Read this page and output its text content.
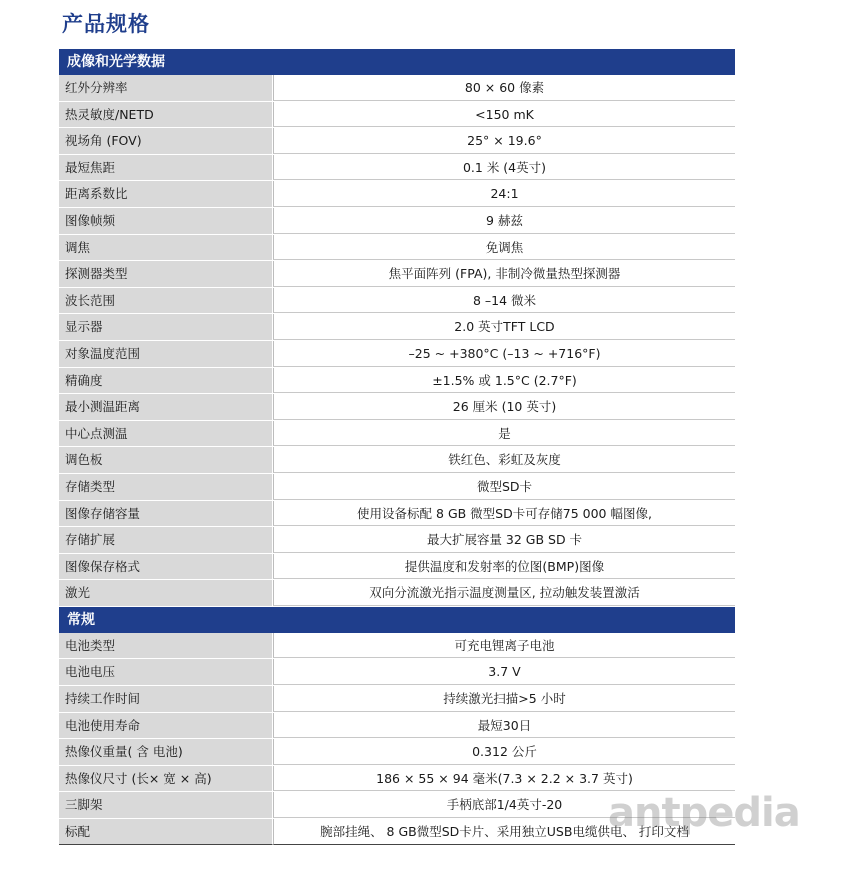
产品规格
成像和光学数据
红外分辨率	80 × 60 像素
热灵敏度/NETD	<150 mK
视场角 (FOV)	25° × 19.6°
最短焦距	0.1 米 (4英寸)
距离系数比	24:1
图像帧频	9 赫兹
调焦	免调焦
探测器类型	焦平面阵列 (FPA), 非制冷微量热型探测器
波长范围	8 –14 微米
显示器	2.0 英寸TFT LCD
对象温度范围	–25 ~ +380°C (–13 ~ +716°F)
精确度	±1.5% 或 1.5°C (2.7°F)
最小测温距离	26 厘米 (10 英寸)
中心点测温	是
调色板	铁红色、彩虹及灰度
存储类型	微型SD卡
图像存储容量	使用设备标配 8 GB 微型SD卡可存储75 000 幅图像,
存储扩展	最大扩展容量 32 GB SD 卡
图像保存格式	提供温度和发射率的位图(BMP)图像
激光	双向分流激光指示温度测量区, 拉动触发装置激活
常规
电池类型	可充电锂离子电池
电池电压	3.7 V
持续工作时间	持续激光扫描>5 小时
电池使用寿命	最短30日
热像仪重量( 含 电池)	0.312 公斤
热像仪尺寸 (长× 宽 × 高)	186 × 55 × 94 毫米(7.3 × 2.2 × 3.7 英寸)
三脚架	手柄底部1/4英寸-20
标配	腕部挂绳、 8 GB微型SD卡片、采用独立USB电缆供电、 打印文档
antpedia
